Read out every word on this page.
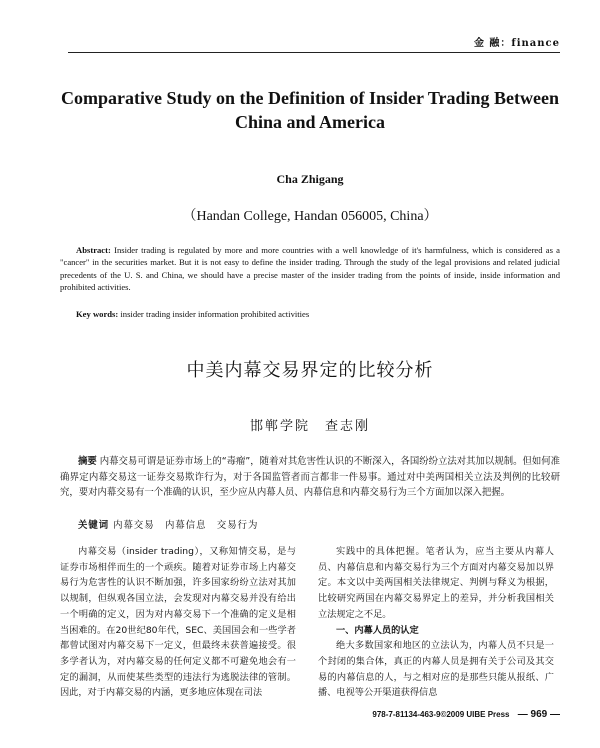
金 融：finance
Comparative Study on the Definition of Insider Trading Between China and America
Cha Zhigang
（Handan College, Handan 056005, China）
Abstract: Insider trading is regulated by more and more countries with a well knowledge of it's harmfulness, which is considered as a "cancer" in the securities market. But it is not easy to define the insider trading. Through the study of the legal provisions and related judicial precedents of the U. S. and China, we should have a precise master of the insider trading from the points of inside, inside information and prohibited activities.
Key words: insider trading insider information prohibited activities
中美内幕交易界定的比较分析
邯郸学院　查志刚
摘要 内幕交易可谓是证券市场上的“毒瘤”，随着对其危害性认识的不断深入，各国纷纷立法对其加以规制。但如何准确界定内幕交易这一证券交易欺诈行为，对于各国监管者而言都非一件易事。通过对中美两国相关立法及判例的比较研究，要对内幕交易有一个准确的认识，至少应从内幕人员、内幕信息和内幕交易行为三个方面加以深入把握。
关键词 内幕交易　内幕信息　交易行为

内幕交易（insider trading），又称知情交易，是与证券市场相伴而生的一个顽疾。随着对证券市场上内幕交易行为危害性的认识不断加强，许多国家纷纷立法对其加以规制，但纵观各国立法，会发现对内幕交易并没有给出一个明确的定义，因为对内幕交易下一个准确的定义是相当困难的。在20世纪80年代，SEC、美国国会和一些学者都曾试图对内幕交易下一定义，但最终未获普遍接受。很多学者认为，对内幕交易的任何定义都不可避免地会有一定的漏洞，从而使某些类型的违法行为逃脱法律的管制。因此，对于内幕交易的内涵，更多地应体现在司法

实践中的具体把握。笔者认为，应当主要从内幕人员、内幕信息和内幕交易行为三个方面对内幕交易加以界定。本文以中美两国相关法律规定、判例与释义为根据，比较研究两国在内幕交易界定上的差异，并分析我国相关立法规定之不足。

一、内幕人员的认定

绝大多数国家和地区的立法认为，内幕人员不只是一个封闭的集合体，真正的内幕人员是拥有关于公司及其交易的内幕信息的人，与之相对应的是那些只能从报纸、广播、电视等公开渠道获得信息

978-7-81134-463-9©2009 UIBE Press — 969 —
